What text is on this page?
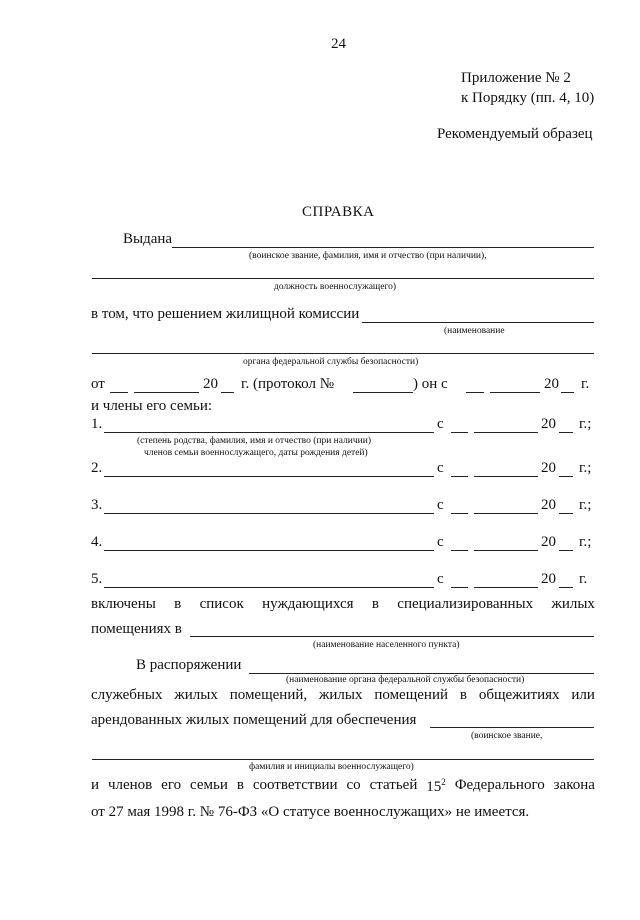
24
Приложение № 2
к Порядку (пп. 4, 10)
Рекомендуемый образец
СПРАВКА
Выдана
(воинское звание, фамилия, имя и отчество (при наличии),
должность военнослужащего)
в том, что решением жилищной комиссии
(наименование
органа федеральной службы безопасности)
от	20 г. (протокол №	) он с	20 г.
и члены его семьи:
1.	с	20 г.;
(степень родства, фамилия, имя и отчество (при наличии)
членов семьи военнослужащего, даты рождения детей)
2.	с	20 г.;
3.	с	20 г.;
4.	с	20 г.;
5.	с	20 г.
включены в список нуждающихся в специализированных жилых
помещениях в
(наименование населенного пункта)
В распоряжении
(наименование органа федеральной службы безопасности)
служебных жилых помещений, жилых помещений в общежитиях или
арендованных жилых помещений для обеспечения
(воинское звание,
фамилия и инициалы военнослужащего)
и членов его семьи в соответствии со статьей $15^2$ Федерального закона
от 27 мая 1998 г. № 76-ФЗ «О статусе военнослужащих» не имеется.
